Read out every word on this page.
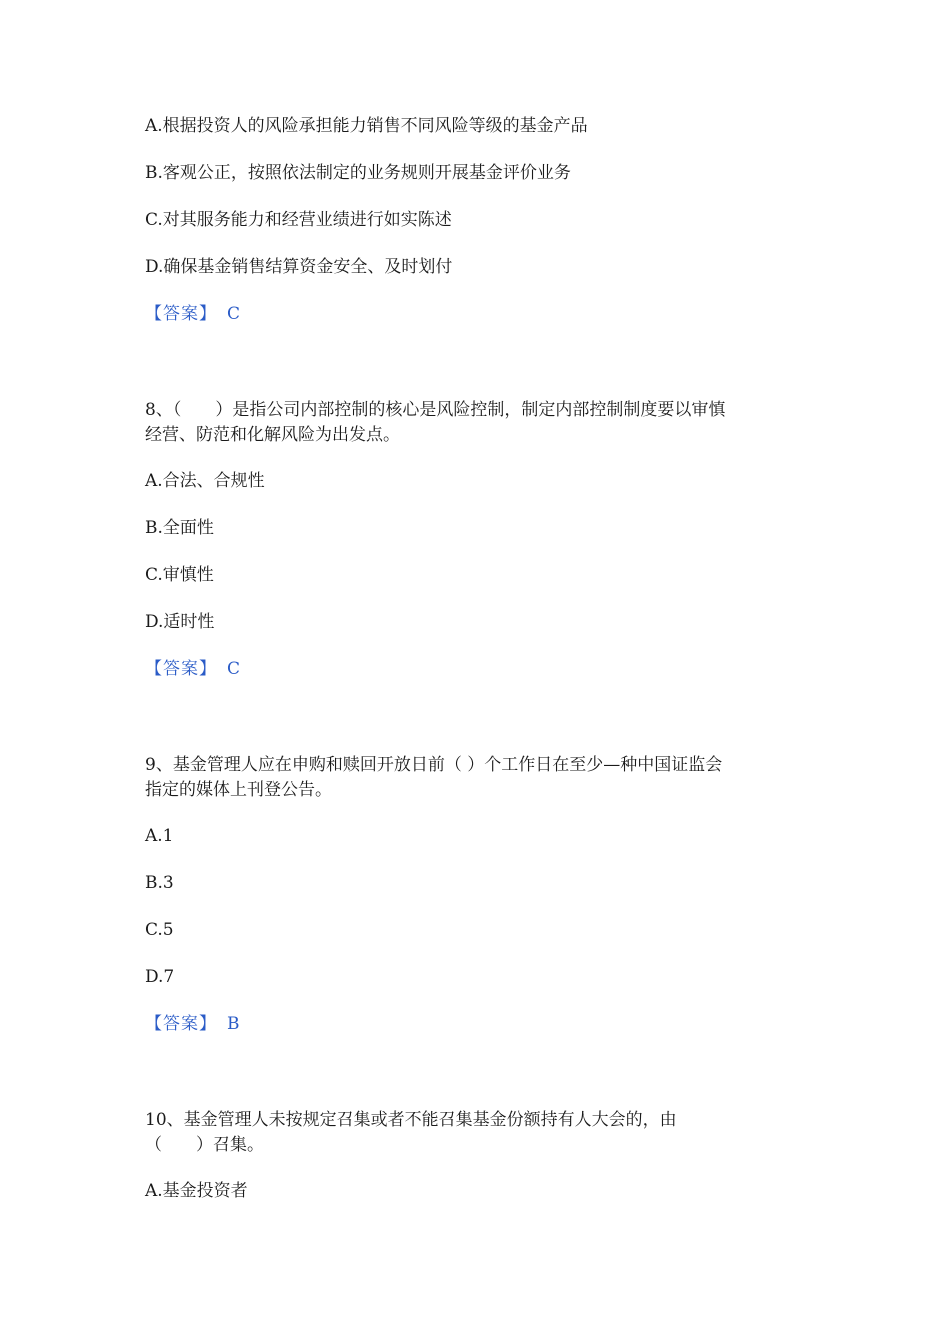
A.根据投资人的风险承担能力销售不同风险等级的基金产品
B.客观公正，按照依法制定的业务规则开展基金评价业务
C.对其服务能力和经营业绩进行如实陈述
D.确保基金销售结算资金安全、及时划付
【答案】 C
8、（　　）是指公司内部控制的核心是风险控制，制定内部控制制度要以审慎
经营、防范和化解风险为出发点。
A.合法、合规性
B.全面性
C.审慎性
D.适时性
【答案】 C
9、基金管理人应在申购和赎回开放日前（ ）个工作日在至少—种中国证监会
指定的媒体上刊登公告。
A.1
B.3
C.5
D.7
【答案】 B
10、基金管理人未按规定召集或者不能召集基金份额持有人大会的，由
（　　）召集。
A.基金投资者
